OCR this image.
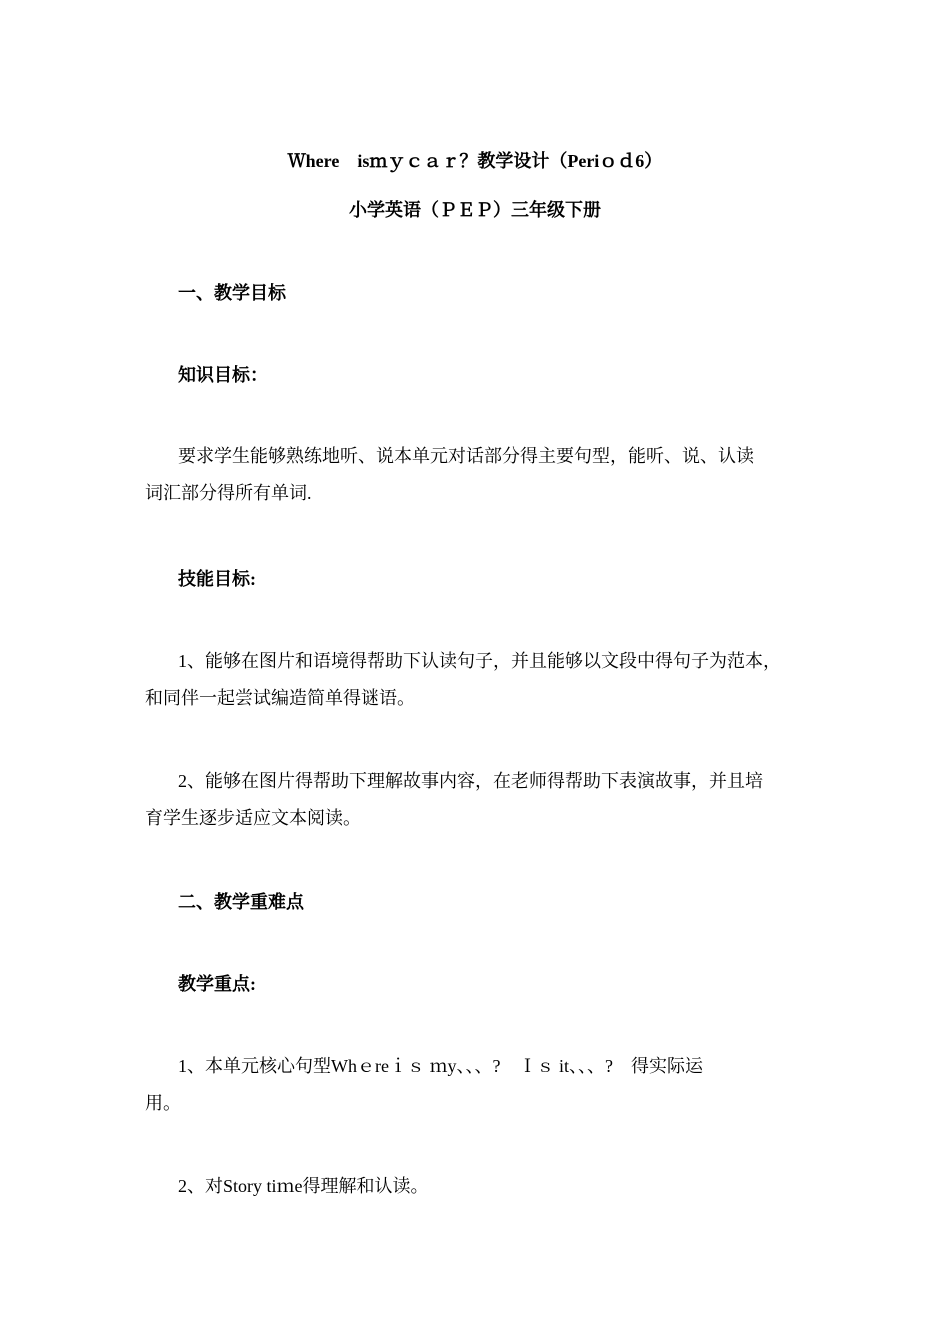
Ｗhere　isｍｙｃａｒ？教学设计（Periｏｄ6）
小学英语（ＰＥＰ）三年级下册
一、教学目标
知识目标：
要求学生能够熟练地听、说本单元对话部分得主要句型，能听、说、认读
词汇部分得所有单词.
技能目标:
1、能够在图片和语境得帮助下认读句子，并且能够以文段中得句子为范本，
和同伴一起尝试编造简单得谜语。
2、能够在图片得帮助下理解故事内容，在老师得帮助下表演故事，并且培
育学生逐步适应文本阅读。
二、教学重难点
教学重点:
1、本单元核心句型Whｅreｉｓ ｍy、、、?　Ｉｓ it、、、?　得实际运
用。
2、对Story tiｍe得理解和认读。
